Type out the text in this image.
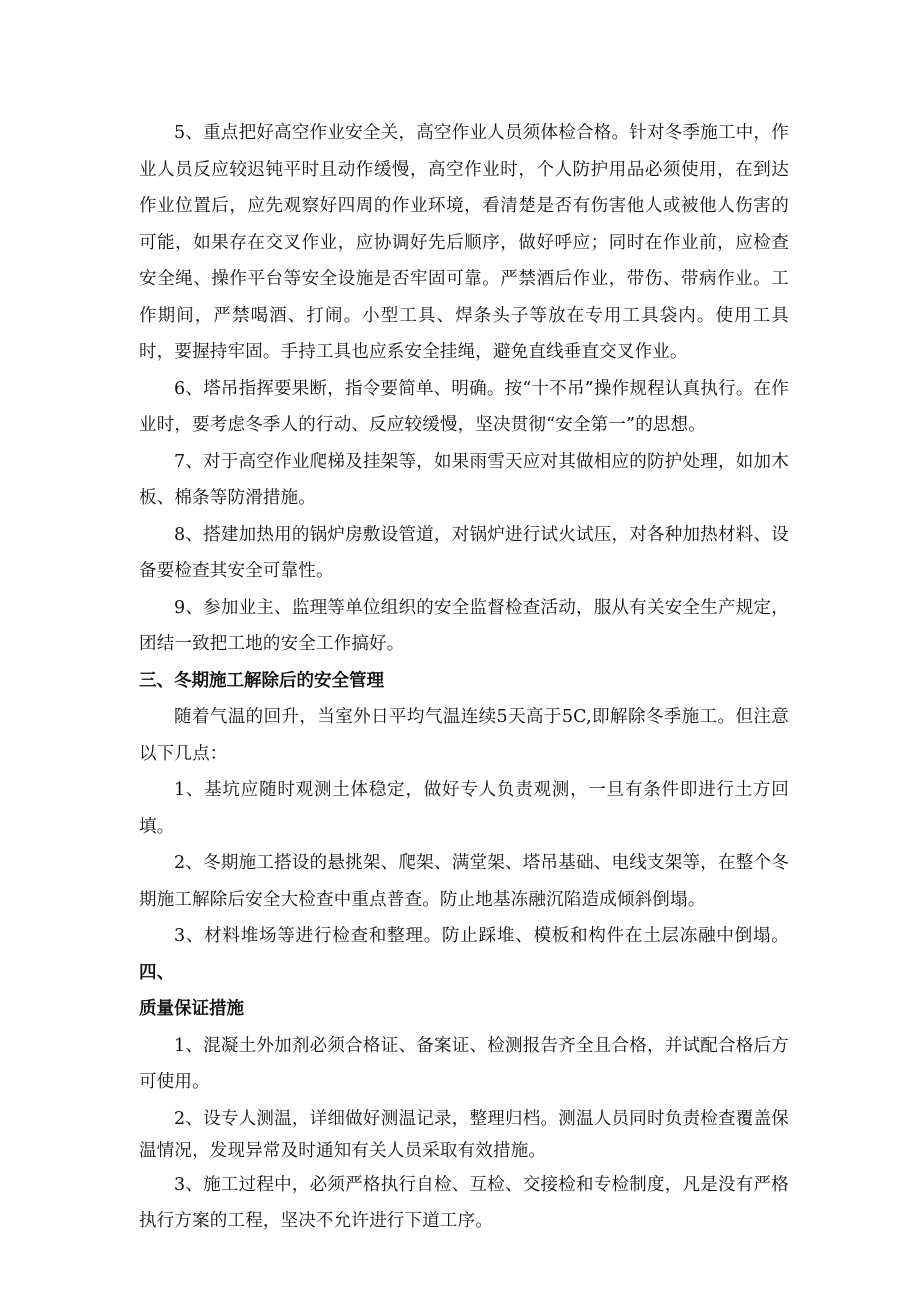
5、重点把好高空作业安全关，高空作业人员须体检合格。针对冬季施工中，作业人员反应较迟钝平时且动作缓慢，高空作业时，个人防护用品必须使用，在到达作业位置后，应先观察好四周的作业环境，看清楚是否有伤害他人或被他人伤害的可能，如果存在交叉作业，应协调好先后顺序，做好呼应；同时在作业前，应检查安全绳、操作平台等安全设施是否牢固可靠。严禁酒后作业，带伤、带病作业。工作期间，严禁喝酒、打闹。小型工具、焊条头子等放在专用工具袋内。使用工具时，要握持牢固。手持工具也应系安全挂绳，避免直线垂直交叉作业。

6、塔吊指挥要果断，指令要简单、明确。按“十不吊”操作规程认真执行。在作业时，要考虑冬季人的行动、反应较缓慢，坚决贯彻“安全第一”的思想。

7、对于高空作业爬梯及挂架等，如果雨雪天应对其做相应的防护处理，如加木板、棉条等防滑措施。

8、搭建加热用的锅炉房敷设管道，对锅炉进行试火试压，对各种加热材料、设备要检查其安全可靠性。

9、参加业主、监理等单位组织的安全监督检查活动，服从有关安全生产规定，团结一致把工地的安全工作搞好。

三、冬期施工解除后的安全管理

随着气温的回升，当室外日平均气温连续5天高于5C,即解除冬季施工。但注意以下几点：

1、基坑应随时观测土体稳定，做好专人负责观测，一旦有条件即进行土方回填。

2、冬期施工搭设的悬挑架、爬架、满堂架、塔吊基础、电线支架等，在整个冬期施工解除后安全大检查中重点普查。防止地基冻融沉陷造成倾斜倒塌。

3、材料堆场等进行检查和整理。防止踩堆、模板和构件在土层冻融中倒塌。四、

质量保证措施

1、混凝土外加剂必须合格证、备案证、检测报告齐全且合格，并试配合格后方可使用。

2、设专人测温，详细做好测温记录，整理归档。测温人员同时负责检查覆盖保温情况，发现异常及时通知有关人员采取有效措施。

3、施工过程中，必须严格执行自检、互检、交接检和专检制度，凡是没有严格执行方案的工程，坚决不允许进行下道工序。
